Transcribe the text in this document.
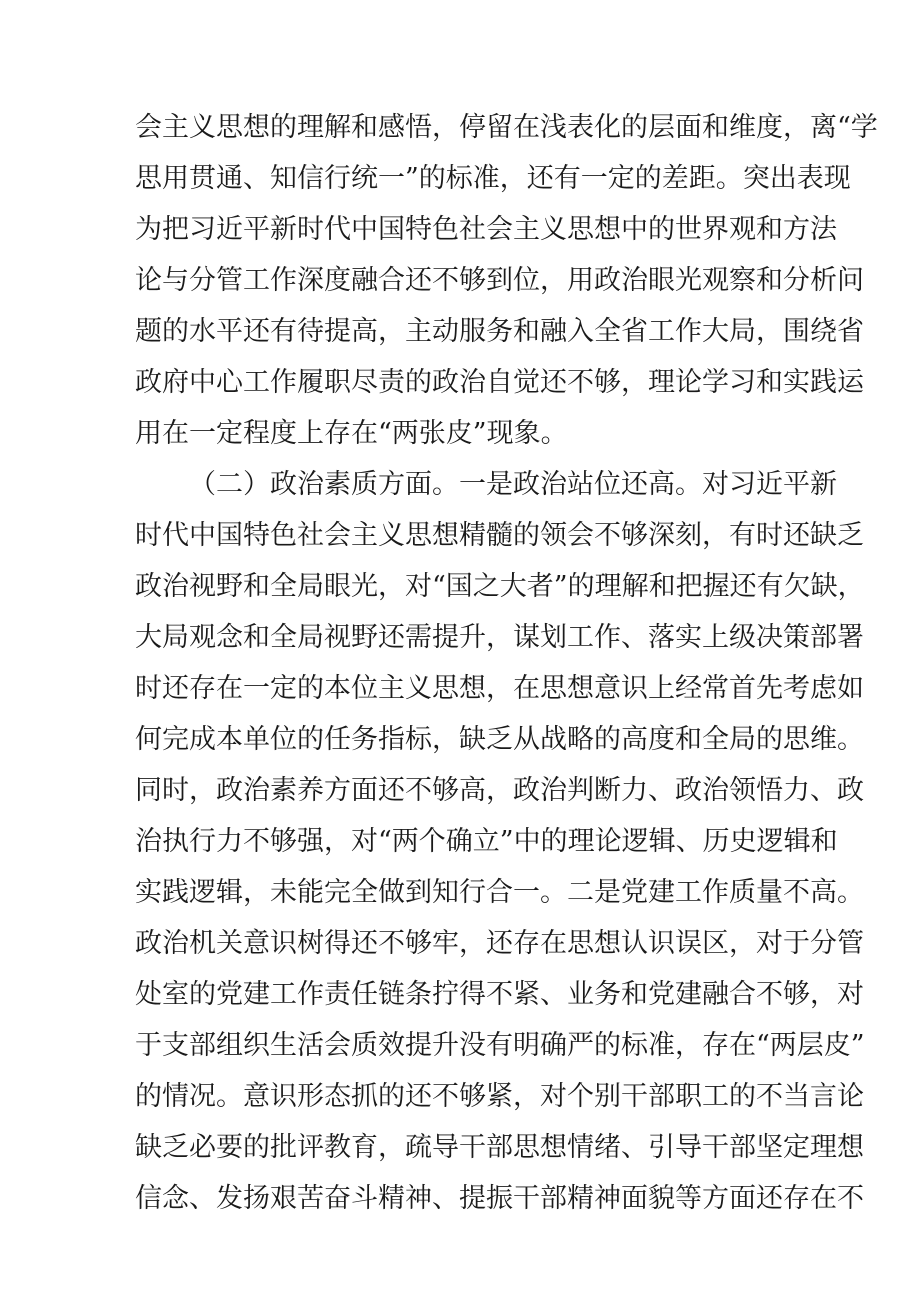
会主义思想的理解和感悟，停留在浅表化的层面和维度，离“学
思用贯通、知信行统一”的标准，还有一定的差距。突出表现
为把习近平新时代中国特色社会主义思想中的世界观和方法
论与分管工作深度融合还不够到位，用政治眼光观察和分析问
题的水平还有待提高，主动服务和融入全省工作大局，围绕省
政府中心工作履职尽责的政治自觉还不够，理论学习和实践运
用在一定程度上存在“两张皮”现象。
（二）政治素质方面。一是政治站位还高。对习近平新
时代中国特色社会主义思想精髓的领会不够深刻，有时还缺乏
政治视野和全局眼光，对“国之大者”的理解和把握还有欠缺，
大局观念和全局视野还需提升，谋划工作、落实上级决策部署
时还存在一定的本位主义思想，在思想意识上经常首先考虑如
何完成本单位的任务指标，缺乏从战略的高度和全局的思维。
同时，政治素养方面还不够高，政治判断力、政治领悟力、政
治执行力不够强，对“两个确立”中的理论逻辑、历史逻辑和
实践逻辑，未能完全做到知行合一。二是党建工作质量不高。
政治机关意识树得还不够牢，还存在思想认识误区，对于分管
处室的党建工作责任链条拧得不紧、业务和党建融合不够，对
于支部组织生活会质效提升没有明确严的标准，存在“两层皮”
的情况。意识形态抓的还不够紧，对个别干部职工的不当言论
缺乏必要的批评教育，疏导干部思想情绪、引导干部坚定理想
信念、发扬艰苦奋斗精神、提振干部精神面貌等方面还存在不
